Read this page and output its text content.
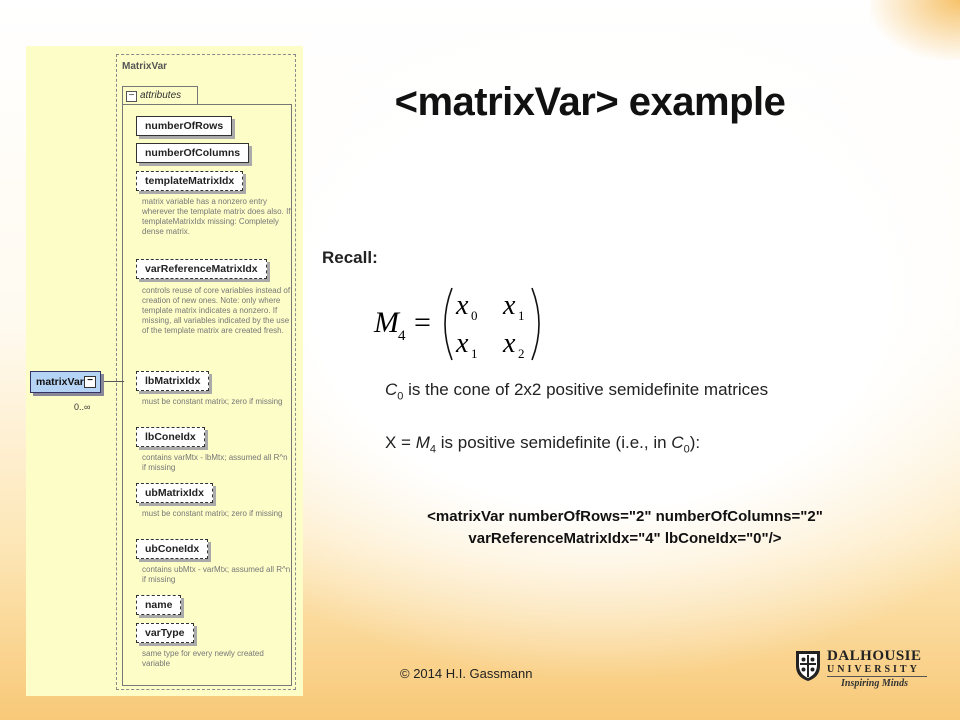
<matrixVar> example
MatrixVar
− attributes
matrixVar −
0..∞
numberOfRows
numberOfColumns
templateMatrixIdx
matrix variable has a nonzero entry wherever the template matrix does also. If templateMatrixIdx missing: Completely dense matrix.
varReferenceMatrixIdx
controls reuse of core variables instead of creation of new ones. Note: only where template matrix indicates a nonzero. If missing, all variables indicated by the use of the template matrix are created fresh.
lbMatrixIdx
must be constant matrix; zero if missing
lbConeIdx
contains varMtx - lbMtx; assumed all R^n if missing
ubMatrixIdx
must be constant matrix; zero if missing
ubConeIdx
contains ubMtx - varMtx; assumed all R^n if missing
name
varType
same type for every newly created variable
Recall:
M 4 =
x 0 x 1
x 1 x 2
$C_0$ is the cone of 2x2 positive semidefinite matrices
$X = M_4$ is positive semidefinite (i.e., in $C_0$):
<matrixVar numberOfRows="2" numberOfColumns="2"
varReferenceMatrixIdx="4" lbConeIdx="0"/>
© 2014 H.I. Gassmann
DALHOUSIE
UNIVERSITY
Inspiring Minds
